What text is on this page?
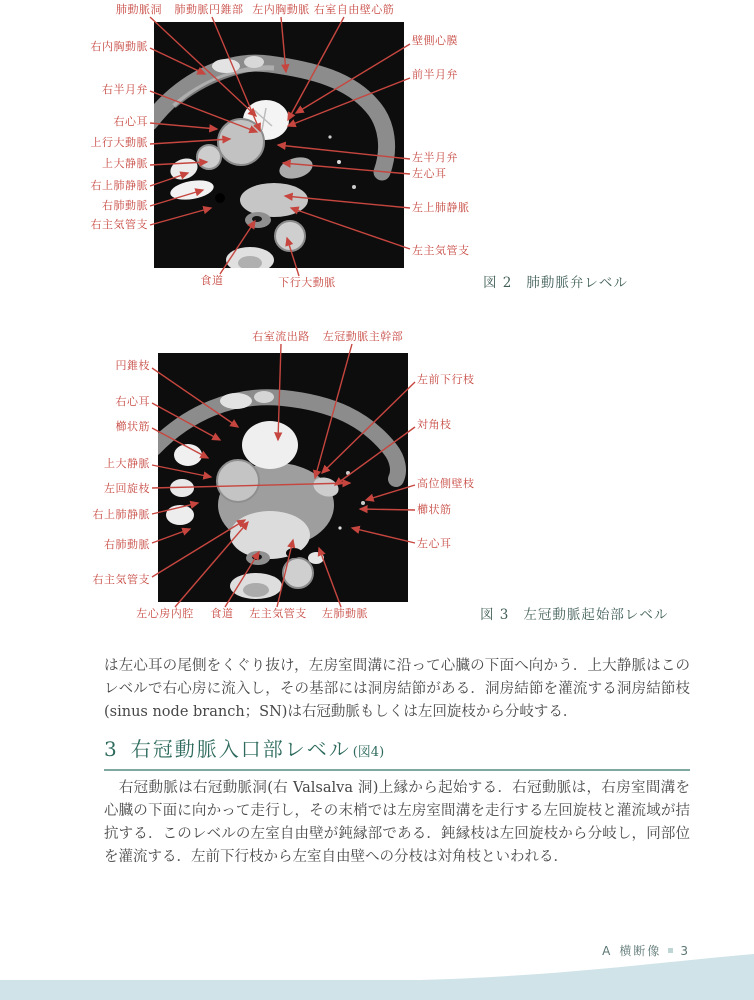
肺動脈洞 肺動脈円錐部 左内胸動脈 右室自由壁心筋
壁側心膜
前半月弁
左半月弁
左心耳
左上肺静脈
左主気管支
右内胸動脈
右半月弁
右心耳
上行大動脈
上大静脈
右上肺静脈
右肺動脈
右主気管支
食道	下行大動脈
右室流出路 左冠動脈主幹部
円錐枝
右心耳
櫛状筋
上大静脈
左回旋枝
右上肺静脈
右肺動脈
右主気管支
左前下行枝
対角枝
高位側壁枝
櫛状筋
左心耳
左心房内腔 食道 左主気管支 左肺動脈
図 2 肺動脈弁レベル
図 3 左冠動脈起始部レベル
は左心耳の尾側をくぐり抜け，左房室間溝に沿って心臓の下面へ向かう．上大静脈はこのレベルで右心房に流入し，その基部には洞房結節がある．洞房結節を灌流する洞房結節枝(sinus node branch；SN)は右冠動脈もしくは左回旋枝から分岐する．
3 右冠動脈入口部レベル (図4)
　右冠動脈は右冠動脈洞(右 Valsalva 洞)上縁から起始する．右冠動脈は，右房室間溝を心臓の下面に向かって走行し，その末梢では左房室間溝を走行する左回旋枝と灌流域が拮抗する．このレベルの左室自由壁が鈍縁部である．鈍縁枝は左回旋枝から分岐し，同部位を灌流する．左前下行枝から左室自由壁への分枝は対角枝といわれる．
A 横断像 3
